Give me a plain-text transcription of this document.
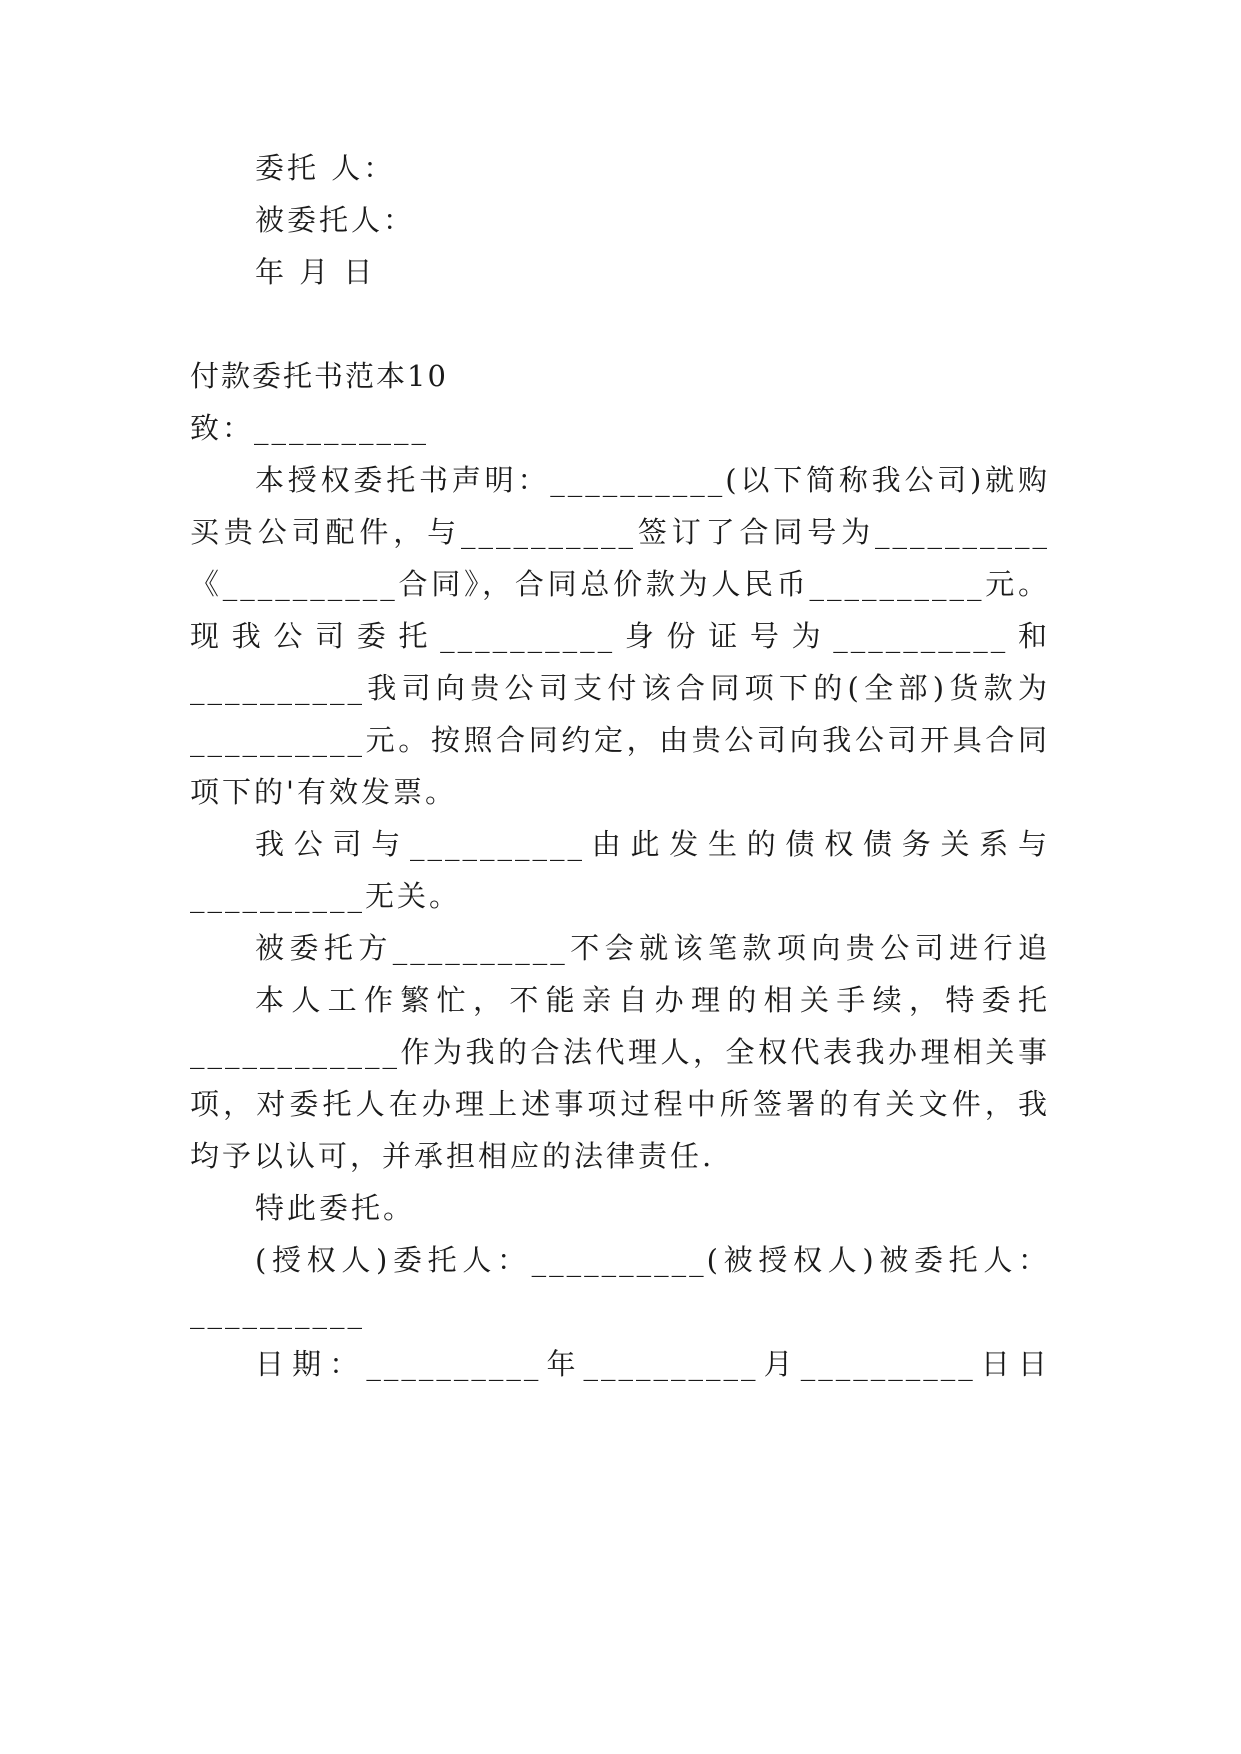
委托 人：
被委托人：
年 月 日
付款委托书范本10
致：__________
本授权委托书声明：__________(以下简称我公司)就购
买贵公司配件，与__________签订了合同号为__________
《__________合同》，合同总价款为人民币__________元。
现我公司委托__________身份证号为__________和
__________我司向贵公司支付该合同项下的(全部)货款为
__________元。按照合同约定，由贵公司向我公司开具合同
项下的'有效发票。
我公司与__________由此发生的债权债务关系与
__________无关。
被委托方__________不会就该笔款项向贵公司进行追
本人工作繁忙，不能亲自办理的相关手续，特委托
____________作为我的合法代理人，全权代表我办理相关事
项，对委托人在办理上述事项过程中所签署的有关文件，我
均予以认可，并承担相应的法律责任.
特此委托。
(授权人)委托人：__________(被授权人)被委托人：
__________
日期：__________年__________月__________日日
